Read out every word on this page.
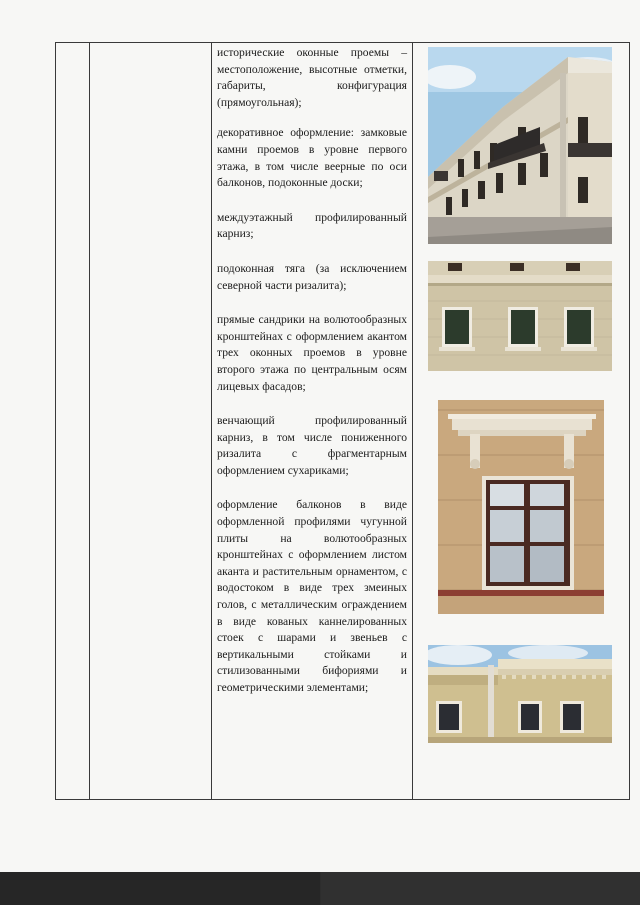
исторические оконные проемы – местоположение, высотные отметки, габариты, конфигурация (прямоугольная);

декоративное оформление: замковые камни проемов в уровне первого этажа, в том числе веерные по оси балконов, подоконные доски;

междуэтажный профилированный карниз;

подоконная тяга (за исключением северной части ризалита);

прямые сандрики на волютообразных кронштейнах с оформлением акантом трех оконных проемов в уровне второго этажа по центральным осям лицевых фасадов;

венчающий профилированный карниз, в том числе пониженного ризалита с фрагментарным оформлением сухариками;

оформление балконов в виде оформленной профилями чугунной плиты на волютообразных кронштейнах с оформлением листом аканта и растительным орнаментом, с водостоком в виде трех змеиных голов, с металлическим ограждением в виде кованых каннелированных стоек с шарами и звеньев с вертикальными стойками и стилизованными бифориями и геометрическими элементами;
